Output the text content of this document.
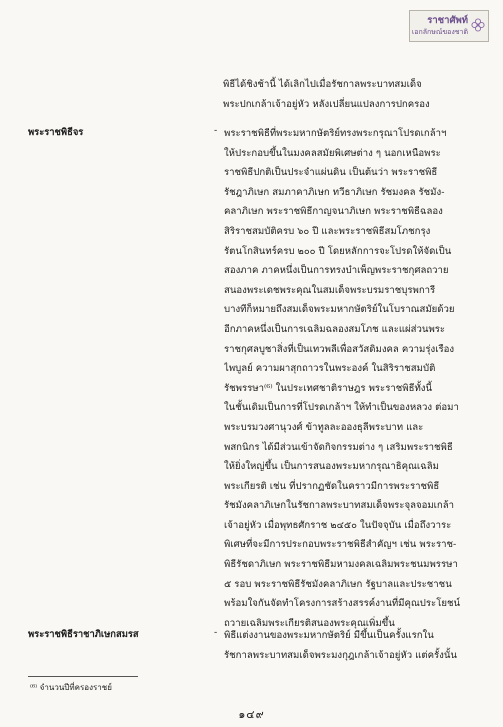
ราชาศัพท์
เอกลักษณ์ของชาติ
พิธีได้ชิงช้านี้ ได้เลิกไปเมื่อรัชกาลพระบาทสมเด็จ
พระปกเกล้าเจ้าอยู่หัว หลังเปลี่ยนแปลงการปกครอง
พระราชพิธีจร	- พระราชพิธีที่พระมหากษัตริย์ทรงพระกรุณาโปรดเกล้าฯ
ให้ประกอบขึ้นในมงคลสมัยพิเศษต่าง ๆ นอกเหนือพระ
ราชพิธีปกติเป็นประจำแผ่นดิน เป็นต้นว่า พระราชพิธี
รัชฎาภิเษก สมภาคาภิเษก ทวีธาภิเษก รัชมงคล รัชมัง-
คลาภิเษก พระราชพิธีกาญจนาภิเษก พระราชพิธีฉลอง
สิริราชสมบัติครบ ๖๐ ปี และพระราชพิธีสมโภชกรุง
รัตนโกสินทร์ครบ ๒๐๐ ปี โดยหลักการจะโปรดให้จัดเป็น
สองภาค ภาคหนึ่งเป็นการทรงบำเพ็ญพระราชกุศลถวาย
สนองพระเดชพระคุณในสมเด็จพระบรมราชบุรพการี
บางทีก็หมายถึงสมเด็จพระมหากษัตริย์ในโบราณสมัยด้วย
อีกภาคหนึ่งเป็นการเฉลิมฉลองสมโภช และแผ่ส่วนพระ
ราชกุศลบูชาสิ่งที่เป็นเทวพลีเพื่อสวัสดิมงคล ความรุ่งเรือง
ไพบูลย์ ความผาสุกถาวรในพระองค์ ในสิริราชสมบัติ
รัชพรรษา⁽⁶⁾ ในประเทศชาติราษฎร พระราชพิธีทั้งนี้
ในชั้นเดิมเป็นการที่โปรดเกล้าฯ ให้ทำเป็นของหลวง ต่อมา
พระบรมวงศานุวงศ์ ข้าทูลละอองธุลีพระบาท และ
พสกนิกร ได้มีส่วนเข้าจัดกิจกรรมต่าง ๆ เสริมพระราชพิธี
ให้ยิ่งใหญ่ขึ้น เป็นการสนองพระมหากรุณาธิคุณเฉลิม
พระเกียรติ เช่น ที่ปรากฏชัดในคราวมีการพระราชพิธี
รัชมังคลาภิเษกในรัชกาลพระบาทสมเด็จพระจุลจอมเกล้า
เจ้าอยู่หัว เมื่อพุทธศักราช ๒๔๕๐ ในปัจจุบัน เมื่อถึงวาระ
พิเศษที่จะมีการประกอบพระราชพิธีสำคัญฯ เช่น พระราช-
พิธีรัชดาภิเษก พระราชพิธีมหามงคลเฉลิมพระชนมพรรษา
๕ รอบ พระราชพิธีรัชมังคลาภิเษก รัฐบาลและประชาชน
พร้อมใจกันจัดทำโครงการสร้างสรรค์งานที่มีคุณประโยชน์
ถวายเฉลิมพระเกียรติสนองพระคุณเพิ่มขึ้น
พระราชพิธีราชาภิเษกสมรส	- พิธีแต่งงานของพระมหากษัตริย์ มีขึ้นเป็นครั้งแรกใน
รัชกาลพระบาทสมเด็จพระมงกุฎเกล้าเจ้าอยู่หัว แต่ครั้งนั้น
⁽⁶⁾ จำนวนปีที่ครองราชย์
๑๔๙
